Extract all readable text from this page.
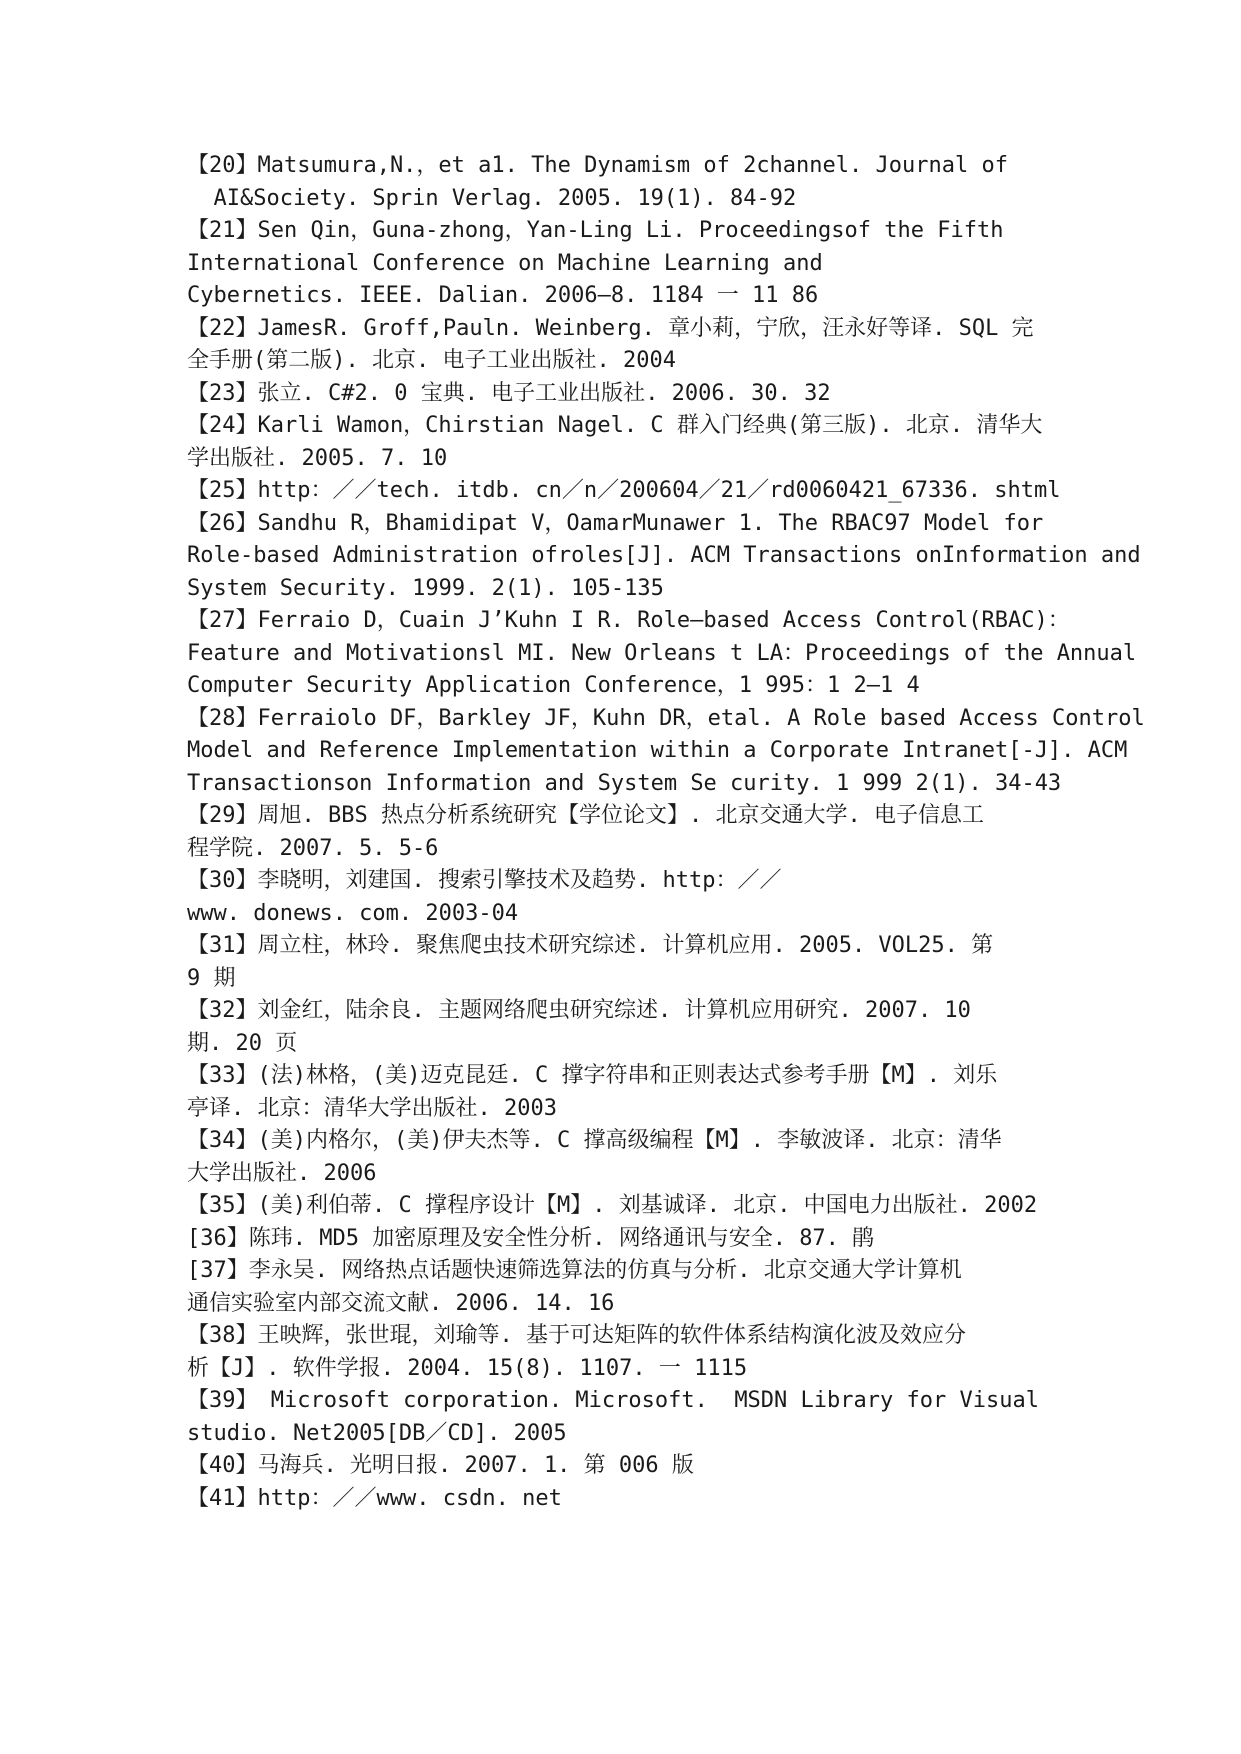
【20】Matsumura,N.，et a1. The Dynamism of 2channel. Journal of
AI&Society. Sprin Verlag. 2005. 19(1). 84-92
【21】Sen Qin，Guna-zhong，Yan-Ling Li. Proceedingsof the Fifth
International Conference on Machine Learning and
Cybernetics. IEEE. Dalian. 2006—8. 1184 一 11 86
【22】JamesR. Groff,Pauln. Weinberg. 章小莉，宁欣，汪永好等译. SQL 完
全手册(第二版). 北京. 电子工业出版社. 2004
【23】张立. C#2. 0 宝典. 电子工业出版社. 2006. 30. 32
【24】Karli Wamon，Chirstian Nagel. C 群入门经典(第三版). 北京. 清华大
学出版社. 2005. 7. 10
【25】http：／／tech. itdb. cn／n／200604／21／rd0060421_67336. shtml
【26】Sandhu R，Bhamidipat V，OamarMunawer 1. The RBAC97 Model for
Role-based Administration ofroles[J]. ACM Transactions onInformation and
System Security. 1999. 2(1). 105-135
【27】Ferraio D，Cuain J’Kuhn I R. Role—based Access Control(RBAC)：
Feature and Motivationsl MI. New Orleans t LA：Proceedings of the Annual
Computer Security Application Conference，1 995：1 2—1 4
【28】Ferraiolo DF，Barkley JF，Kuhn DR，etal. A Role based Access Control
Model and Reference Implementation within a Corporate Intranet[-J]. ACM
Transactionson Information and System Se curity. 1 999 2(1). 34-43
【29】周旭. BBS 热点分析系统研究【学位论文】. 北京交通大学. 电子信息工
程学院. 2007. 5. 5-6
【30】李晓明，刘建国. 搜索引擎技术及趋势. http：／／
www. donews. com. 2003-04
【31】周立柱，林玲. 聚焦爬虫技术研究综述. 计算机应用. 2005. VOL25. 第
9 期
【32】刘金红，陆余良. 主题网络爬虫研究综述. 计算机应用研究. 2007. 10
期. 20 页
【33】(法)林格，(美)迈克昆廷. C 撑字符串和正则表达式参考手册【M】. 刘乐
亭译. 北京：清华大学出版社. 2003
【34】(美)内格尔，(美)伊夫杰等. C 撑高级编程【M】. 李敏波译. 北京：清华
大学出版社. 2006
【35】(美)利伯蒂. C 撑程序设计【M】. 刘基诚译. 北京. 中国电力出版社. 2002
[36】陈玮. MD5 加密原理及安全性分析. 网络通讯与安全. 87. 鹃
[37】李永吴. 网络热点话题快速筛选算法的仿真与分析. 北京交通大学计算机
通信实验室内部交流文献. 2006. 14. 16
【38】王映辉，张世琨，刘瑜等. 基于可达矩阵的软件体系结构演化波及效应分
析【J】. 软件学报. 2004. 15(8). 1107. 一 1115
【39】 Microsoft corporation. Microsoft.  MSDN Library for Visual
studio. Net2005[DB／CD]. 2005
【40】马海兵. 光明日报. 2007. 1. 第 006 版
【41】http：／／www. csdn. net
